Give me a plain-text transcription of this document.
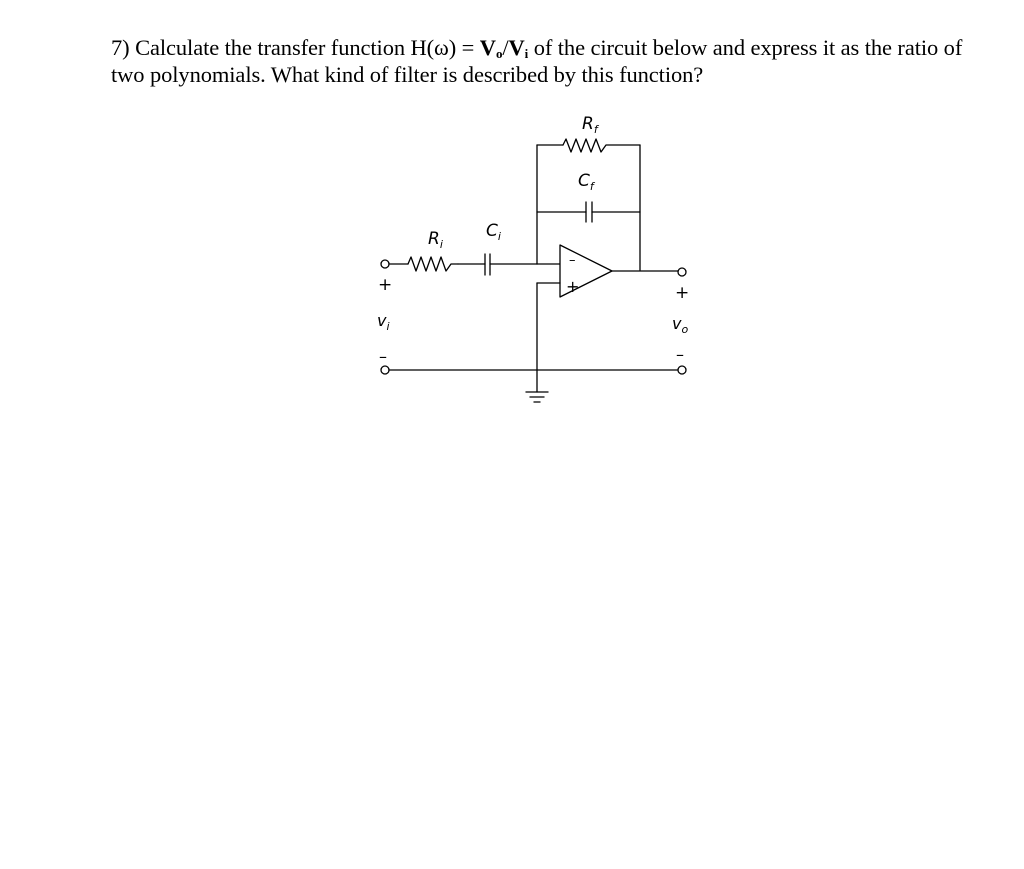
7) Calculate the transfer function $H(\omega) = V_o/V_i$ of the circuit below and express it as the ratio of two polynomials. What kind of filter is described by this function?
$R_f$
$C_f$
$R_i$
$C_i$
–
+
+
$v_i$
–
+
$v_o$
–
